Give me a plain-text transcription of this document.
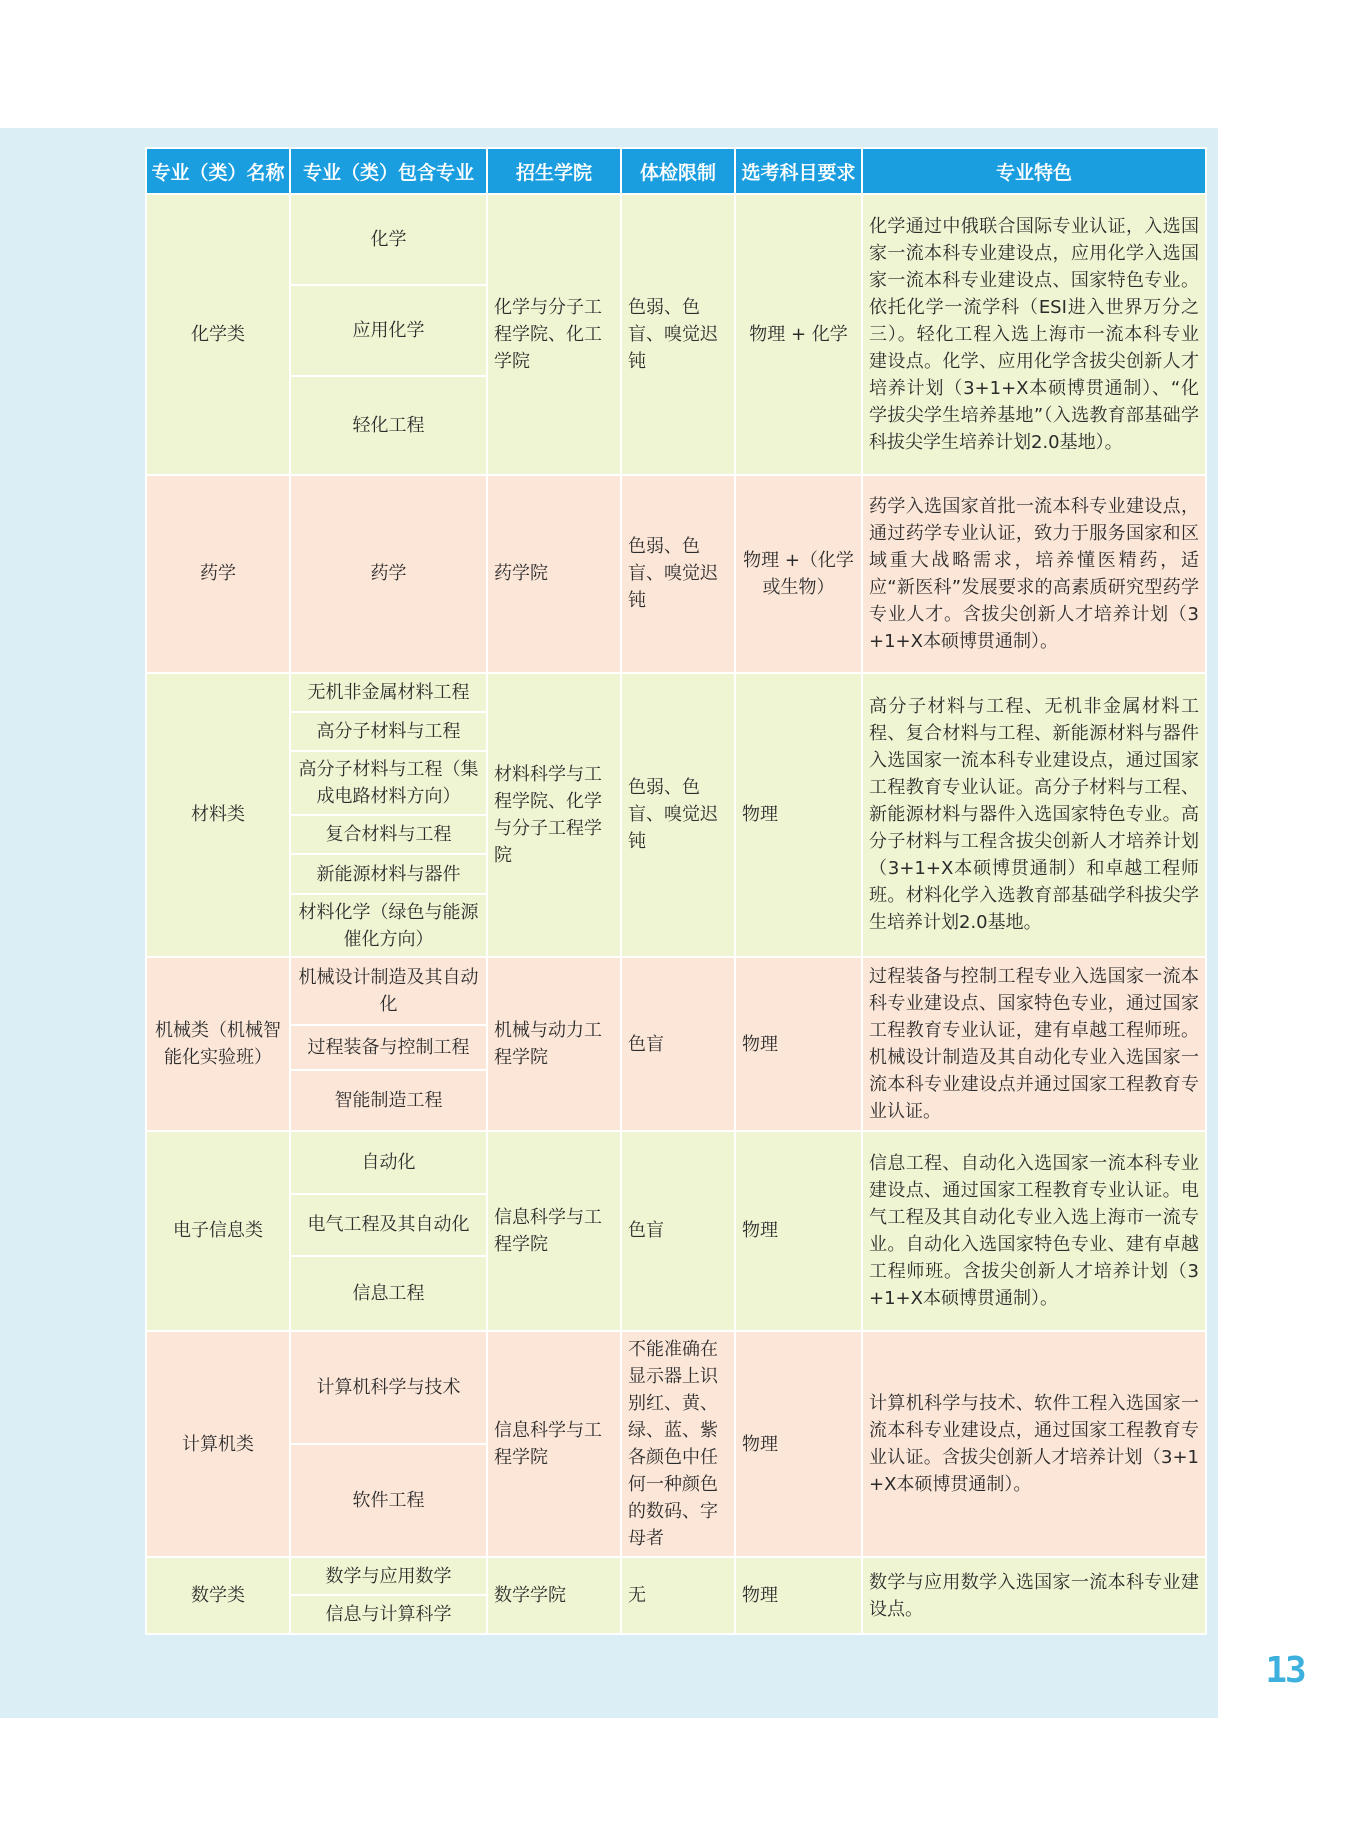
专业（类）名称	专业（类）包含专业	招生学院	体检限制	选考科目要求	专业特色
化学类	化学	化学与分子工程学院、化工学院	色弱、色盲、嗅觉迟钝	物理 + 化学	化学通过中俄联合国际专业认证，入选国家一流本科专业建设点，应用化学入选国家一流本科专业建设点、国家特色专业。依托化学一流学科（ESI进入世界万分之三）。轻化工程入选上海市一流本科专业建设点。化学、应用化学含拔尖创新人才培养计划（3+1+X本硕博贯通制）、“化学拔尖学生培养基地”（入选教育部基础学科拔尖学生培养计划2.0基地）。
	应用化学				
	轻化工程				
药学	药学	药学院	色弱、色盲、嗅觉迟钝	物理 +（化学或生物）	药学入选国家首批一流本科专业建设点，通过药学专业认证，致力于服务国家和区域重大战略需求，培养懂医精药，适应“新医科”发展要求的高素质研究型药学专业人才。含拔尖创新人才培养计划（3+1+X本硕博贯通制）。
材料类	无机非金属材料工程	材料科学与工程学院、化学与分子工程学院	色弱、色盲、嗅觉迟钝	物理	高分子材料与工程、无机非金属材料工程、复合材料与工程、新能源材料与器件入选国家一流本科专业建设点，通过国家工程教育专业认证。高分子材料与工程、新能源材料与器件入选国家特色专业。高分子材料与工程含拔尖创新人才培养计划（3+1+X本硕博贯通制）和卓越工程师班。材料化学入选教育部基础学科拔尖学生培养计划2.0基地。
	高分子材料与工程				
	高分子材料与工程（集成电路材料方向）				
	复合材料与工程				
	新能源材料与器件				
	材料化学（绿色与能源催化方向）				
机械类（机械智能化实验班）	机械设计制造及其自动化	机械与动力工程学院	色盲	物理	过程装备与控制工程专业入选国家一流本科专业建设点、国家特色专业，通过国家工程教育专业认证，建有卓越工程师班。机械设计制造及其自动化专业入选国家一流本科专业建设点并通过国家工程教育专业认证。
	过程装备与控制工程				
	智能制造工程				
电子信息类	自动化	信息科学与工程学院	色盲	物理	信息工程、自动化入选国家一流本科专业建设点、通过国家工程教育专业认证。电气工程及其自动化专业入选上海市一流专业。自动化入选国家特色专业、建有卓越工程师班。含拔尖创新人才培养计划（3+1+X本硕博贯通制）。
	电气工程及其自动化				
	信息工程				
计算机类	计算机科学与技术	信息科学与工程学院	不能准确在显示器上识别红、黄、绿、蓝、紫各颜色中任何一种颜色的数码、字母者	物理	计算机科学与技术、软件工程入选国家一流本科专业建设点，通过国家工程教育专业认证。含拔尖创新人才培养计划（3+1+X本硕博贯通制）。
	软件工程				
数学类	数学与应用数学	数学学院	无	物理	数学与应用数学入选国家一流本科专业建设点。
	信息与计算科学				
13
